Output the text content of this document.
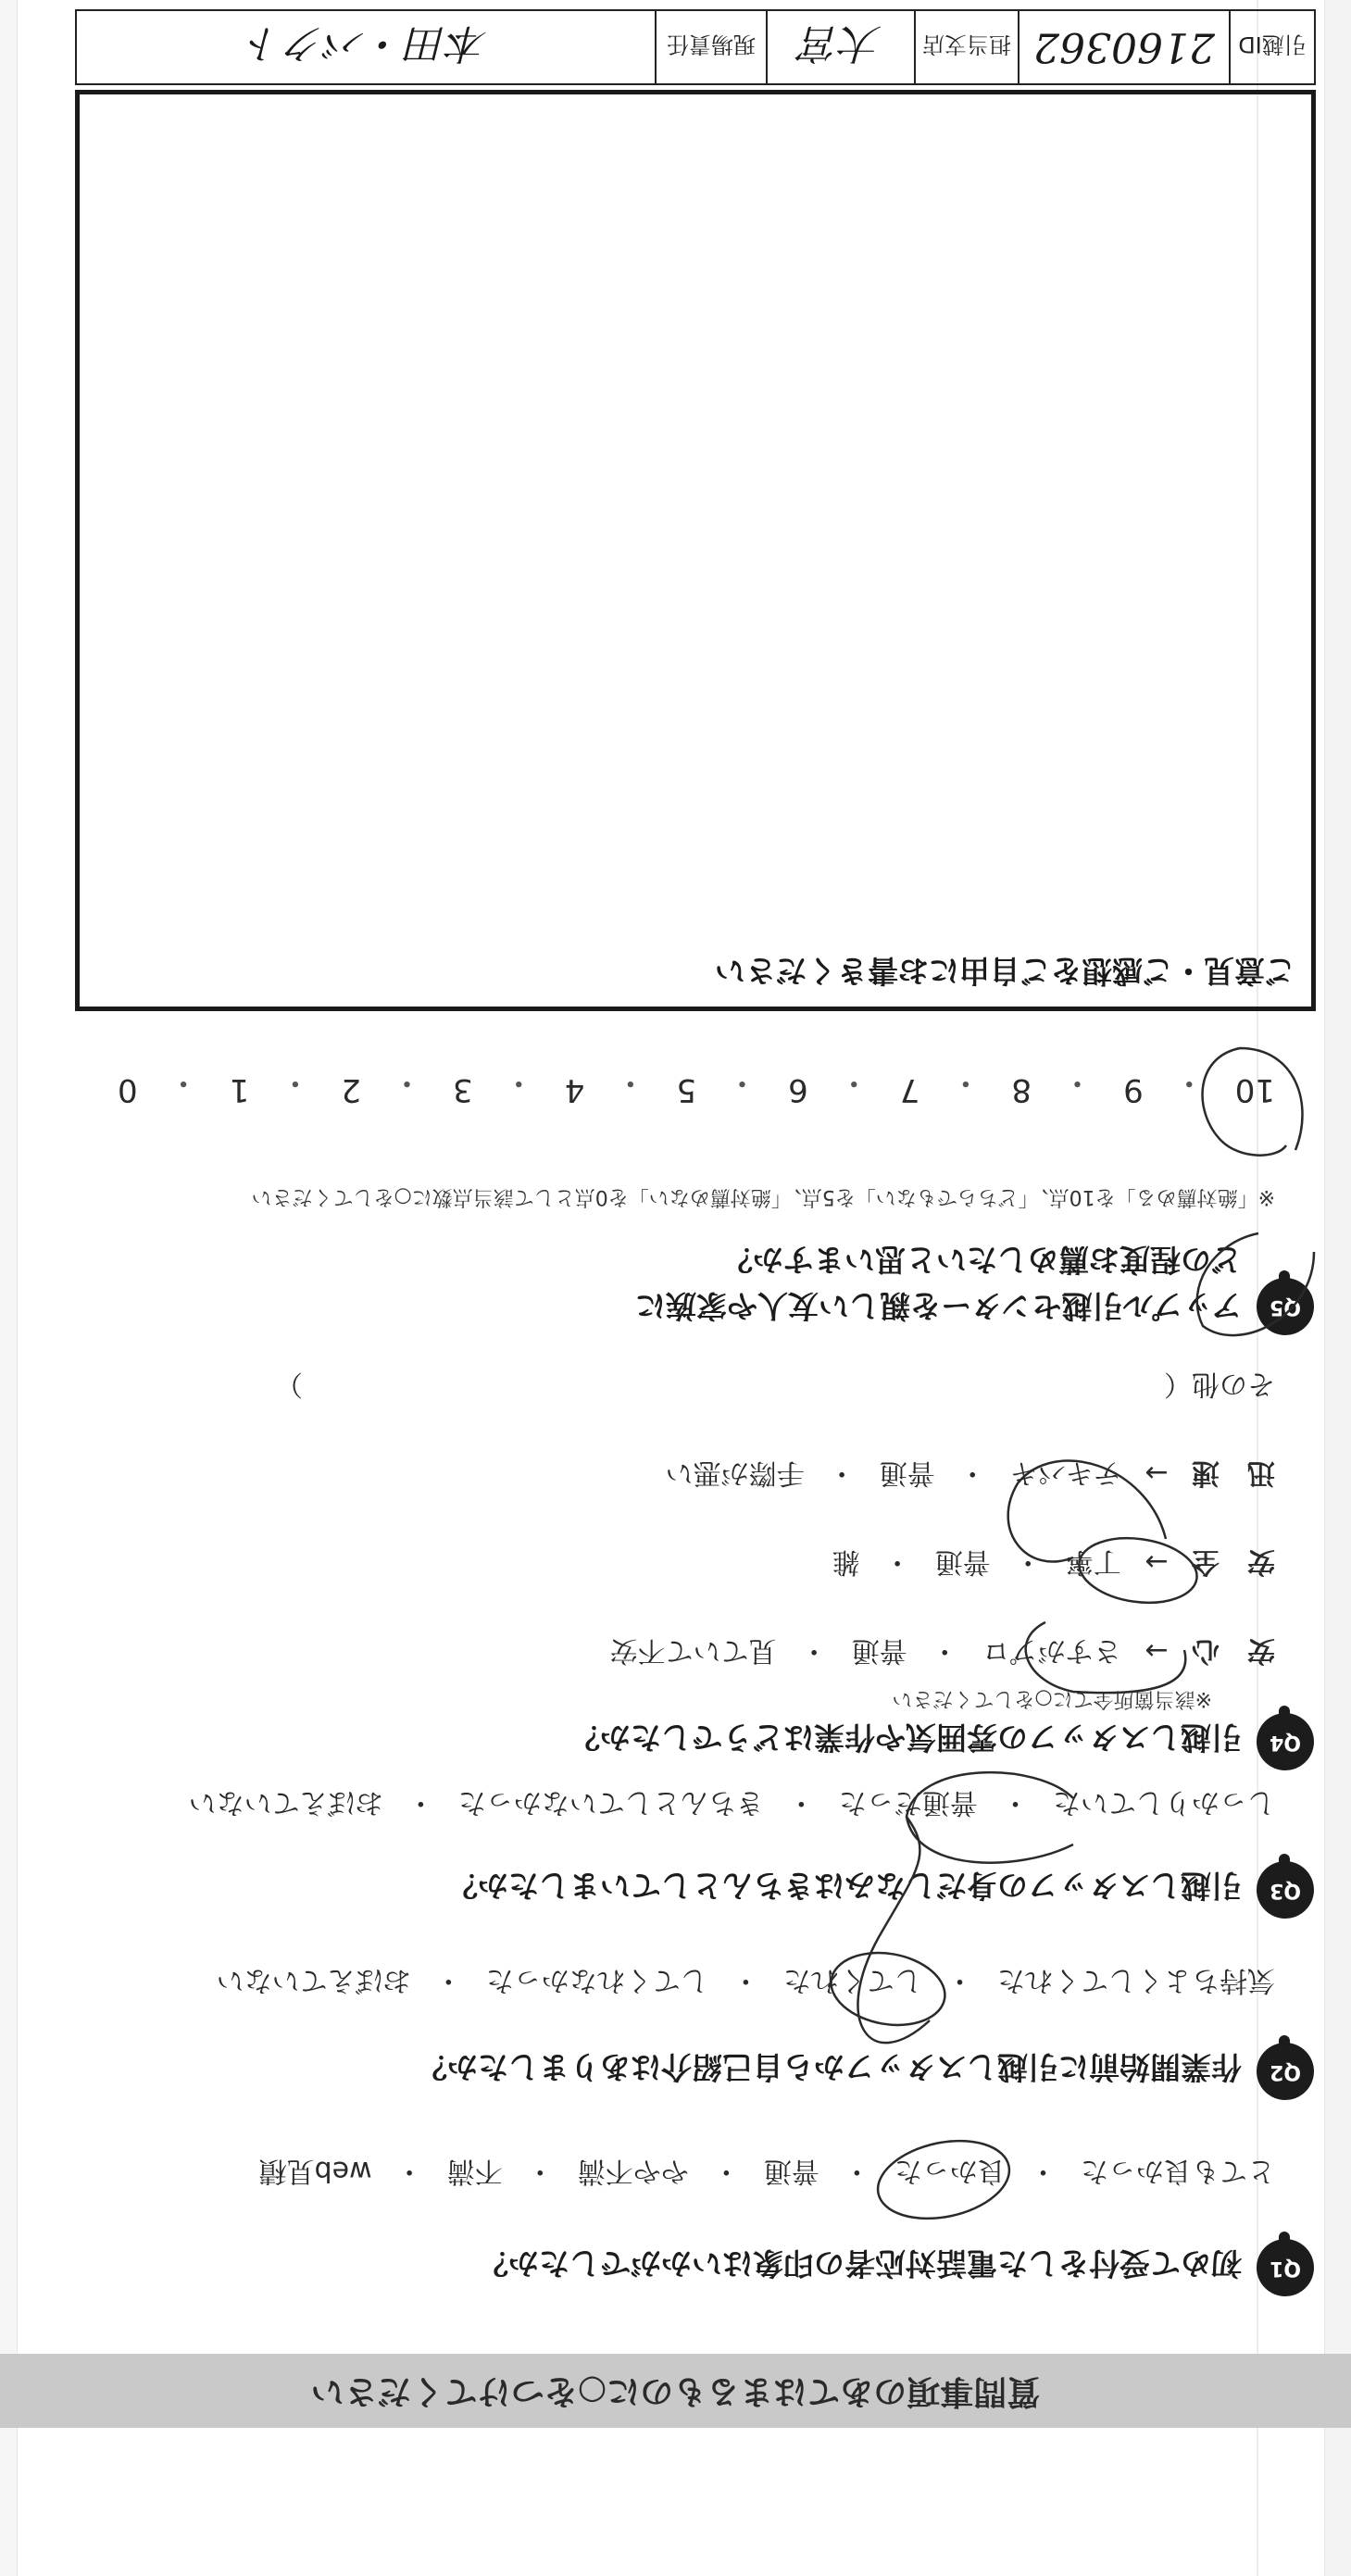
質問事項のあてはまるものに○をつけてください
Q1
初めて受付をした電話対応者の印象はいかがでしたか？
とても良かった ・ 良かった ・ 普通 ・ やや不満 ・ 不満 ・ web見積
Q2
作業開始前に引越しスタッフから自己紹介はありましたか？
気持ちよくしてくれた ・ してくれた ・ してくれなかった ・ おぼえていない
Q3
引越しスタッフの身だしなみはきちんとしていましたか？
しっかりしていた ・ 普通だった ・ きちんとしていなかった ・ おぼえていない
Q4
引越しスタッフの雰囲気や作業はどうでしたか？
※該当箇所全てに○をしてください
安　心 → さすがプロ ・ 普通 ・ 見ていて不安
安　全 → 丁寧 ・ 普通 ・ 雑
迅　速 → テキパキ ・ 普通 ・ 手際が悪い
その他（　　　　　　　　　　　　　　　　　　　　　　　　　　　　　　　）
Q5
アップル引越センターを親しい友人や家族に
どの程度お薦めしたいと思いますか？
※「絶対薦める」を10点、「どちらでもない」を5点、「絶対薦めない」を0点として該当点数に○をしてください
10
・
9
・
8
・
7
・
6
・
5
・
4
・
3
・
2
・
1
・
0
ご意見・ご感想をご自由にお書きください
引越ID
2160362
担当支店
大宮
現場責任
本田・バクト
